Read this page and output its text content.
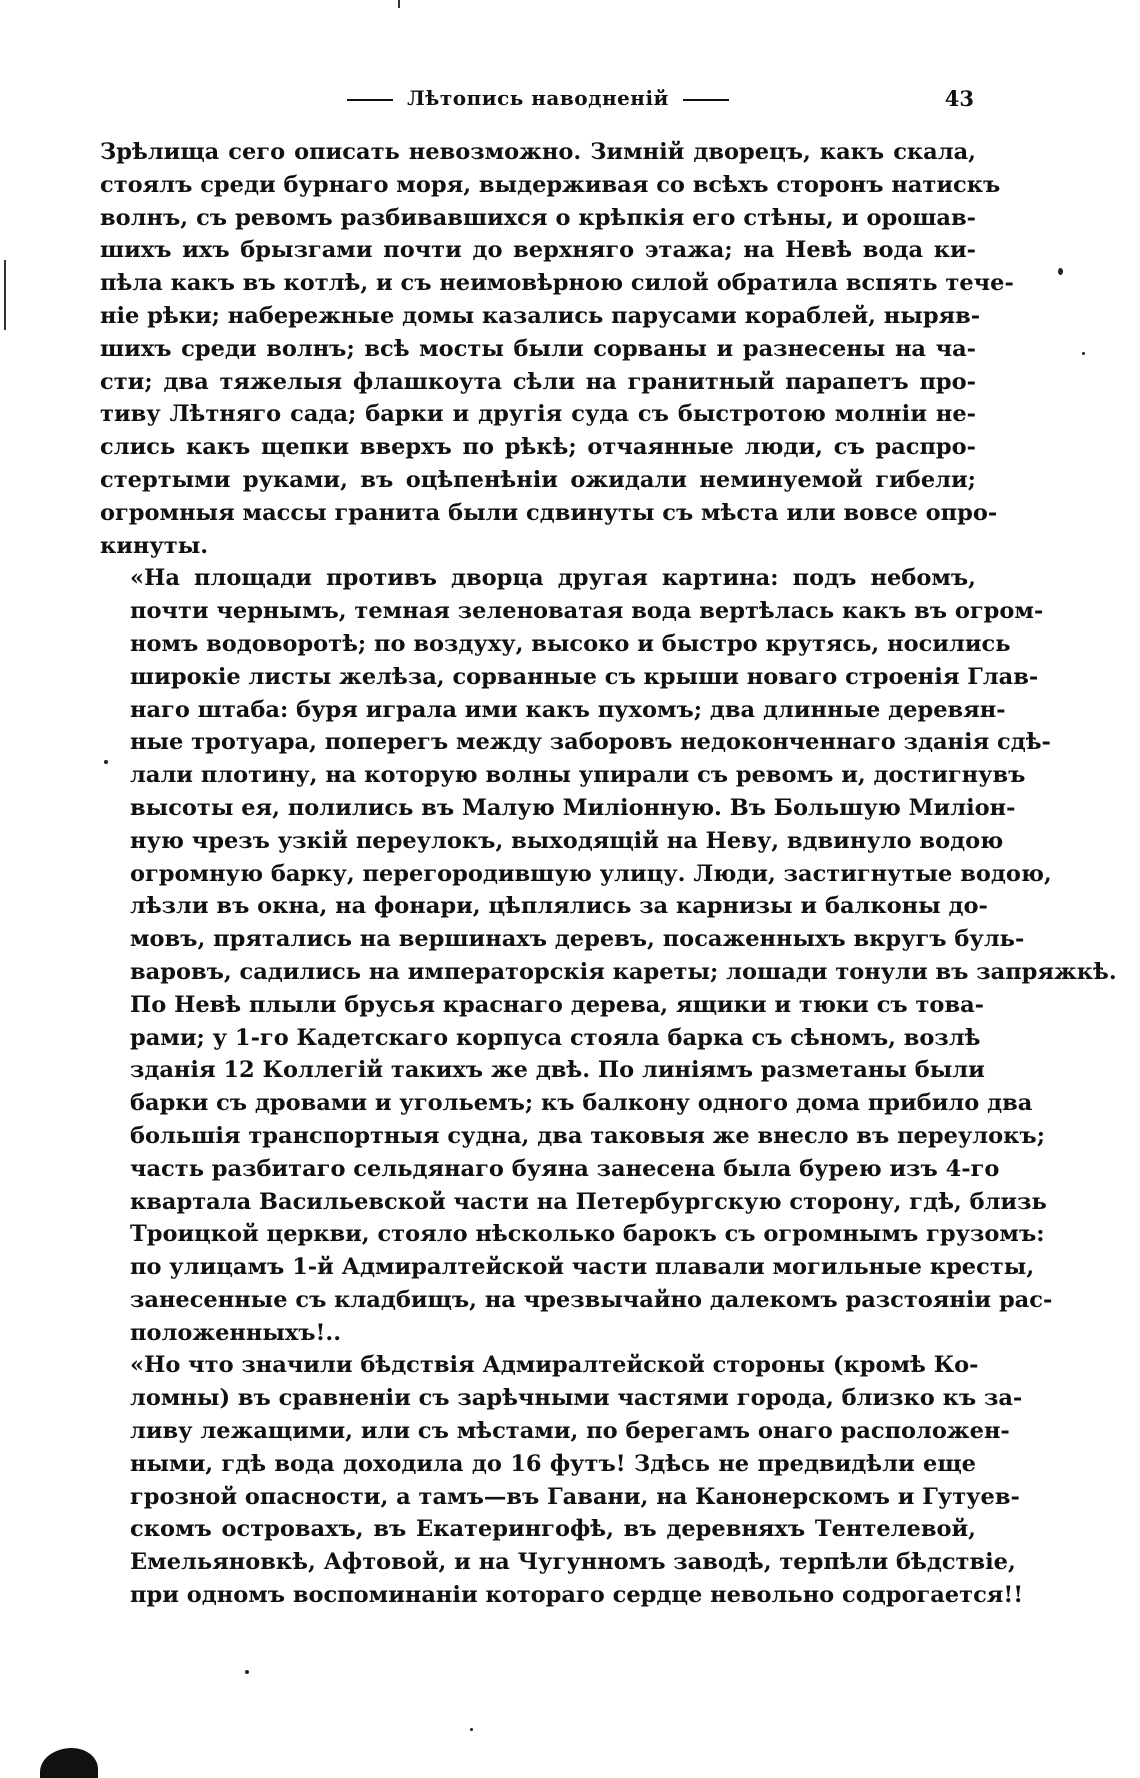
Лѣтопись наводненій	43
Зрѣлища сего описать невозможно. Зимній дворецъ, какъ скала,
стоялъ среди бурнаго моря, выдерживая со всѣхъ сторонъ натискъ
волнъ, съ ревомъ разбивавшихся о крѣпкія его стѣны, и орошав-
шихъ ихъ брызгами почти до верхняго этажа; на Невѣ вода ки-
пѣла какъ въ котлѣ, и съ неимовѣрною силой обратила вспять тече-
ніе рѣки; набережные домы казались парусами кораблей, ныряв-
шихъ среди волнъ; всѣ мосты были сорваны и разнесены на ча-
сти; два тяжелыя флашкоута сѣли на гранитный парапетъ про-
тиву Лѣтняго сада; барки и другія суда съ быстротою молніи не-
слись какъ щепки вверхъ по рѣкѣ; отчаянные люди, съ распро-
стертыми руками, въ оцѣпенѣніи ожидали неминуемой гибели;
огромныя массы гранита были сдвинуты съ мѣста или вовсе опро-
кинуты.
«На площади противъ дворца другая картина: подъ небомъ,
почти чернымъ, темная зеленоватая вода вертѣлась какъ въ огром-
номъ водоворотѣ; по воздуху, высоко и быстро крутясь, носились
широкіе листы желѣза, сорванные съ крыши новаго строенія Глав-
наго штаба: буря играла ими какъ пухомъ; два длинные деревян-
ные тротуара, поперегъ между заборовъ недоконченнаго зданія сдѣ-
лали плотину, на которую волны упирали съ ревомъ и, достигнувъ
высоты ея, полились въ Малую Миліонную. Въ Большую Миліон-
ную чрезъ узкій переулокъ, выходящій на Неву, вдвинуло водою
огромную барку, перегородившую улицу. Люди, застигнутые водою,
лѣзли въ окна, на фонари, цѣплялись за карнизы и балконы до-
мовъ, прятались на вершинахъ деревъ, посаженныхъ вкругъ буль-
варовъ, садились на императорскія кареты; лошади тонули въ запряжкѣ.
По Невѣ плыли брусья краснаго дерева, ящики и тюки съ това-
рами; у 1-го Кадетскаго корпуса стояла барка съ сѣномъ, возлѣ
зданія 12 Коллегій такихъ же двѣ. По линіямъ разметаны были
барки съ дровами и угольемъ; къ балкону одного дома прибило два
большія транспортныя судна, два таковыя же внесло въ переулокъ;
часть разбитаго сельдянаго буяна занесена была бурею изъ 4-го
квартала Васильевской части на Петербургскую сторону, гдѣ, близь
Троицкой церкви, стояло нѣсколько барокъ съ огромнымъ грузомъ:
по улицамъ 1-й Адмиралтейской части плавали могильные кресты,
занесенные съ кладбищъ, на чрезвычайно далекомъ разстояніи рас-
положенныхъ!..
«Но что значили бѣдствія Адмиралтейской стороны (кромѣ Ко-
ломны) въ сравненіи съ зарѣчными частями города, близко къ за-
ливу лежащими, или съ мѣстами, по берегамъ онаго расположен-
ными, гдѣ вода доходила до 16 футъ! Здѣсь не предвидѣли еще
грозной опасности, а тамъ—въ Гавани, на Канонерскомъ и Гутуев-
скомъ островахъ, въ Екатерингофѣ, въ деревняхъ Тентелевой,
Емельяновкѣ, Афтовой, и на Чугунномъ заводѣ, терпѣли бѣдствіе,
при одномъ воспоминаніи котораго сердце невольно содрогается!!
